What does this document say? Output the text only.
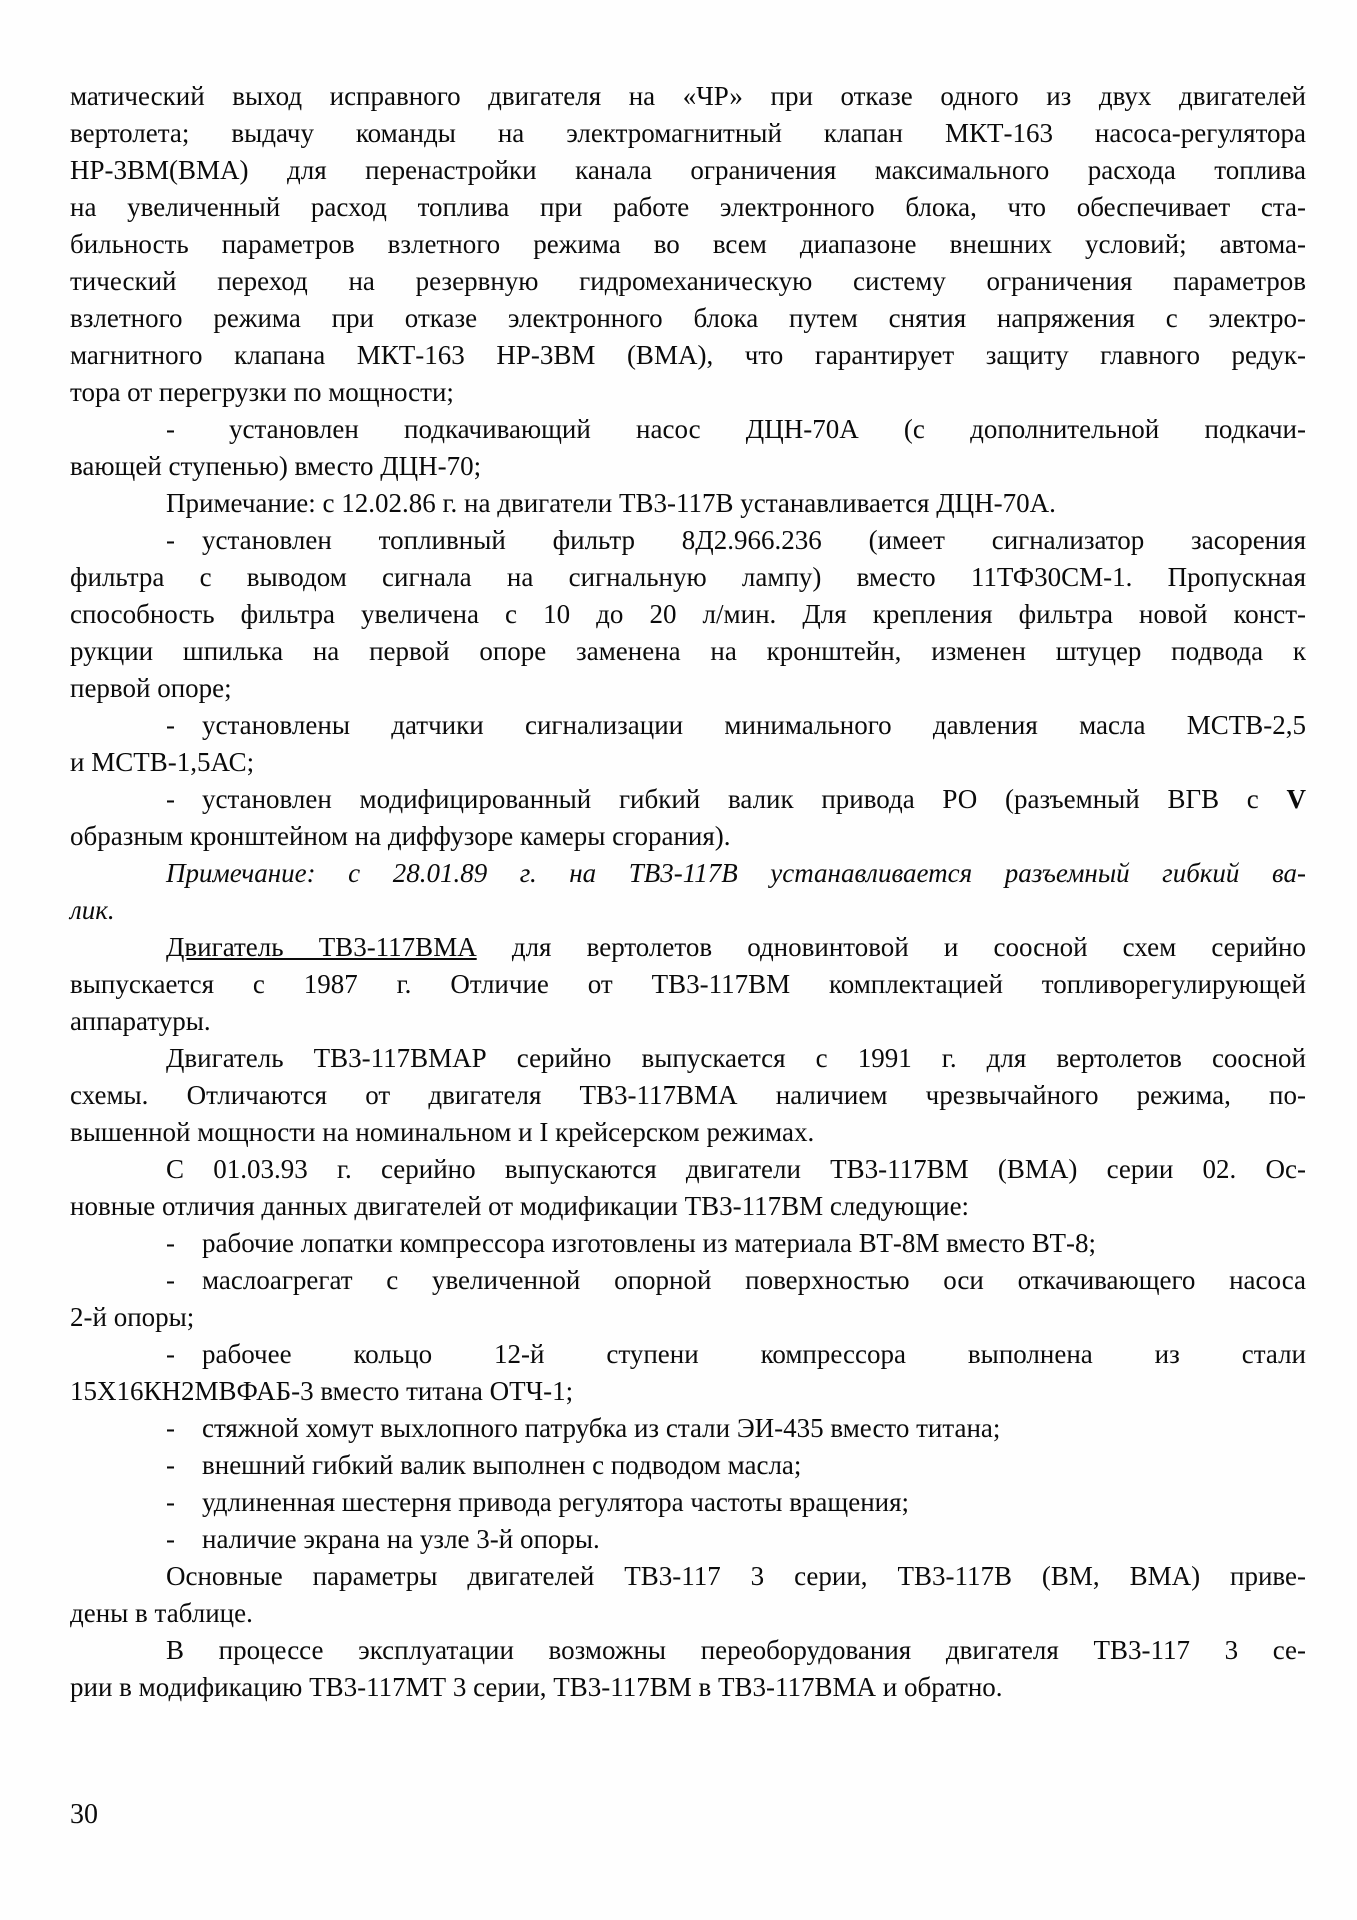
матический выход исправного двигателя на «ЧР» при отказе одного из двух двигателей
вертолета; выдачу команды на электромагнитный клапан МКТ-163 насоса-регулятора
НР-3ВМ(ВМА) для перенастройки канала ограничения максимального расхода топлива
на увеличенный расход топлива при работе электронного блока, что обеспечивает ста-
бильность параметров взлетного режима во всем диапазоне внешних условий; автома-
тический переход на резервную гидромеханическую систему ограничения параметров
взлетного режима при отказе электронного блока путем снятия напряжения с электро-
магнитного клапана МКТ-163 НР-3ВМ (ВМА), что гарантирует защиту главного редук-
тора от перегрузки по мощности;
-  установлен подкачивающий насос ДЦН-70А (с дополнительной подкачи-
вающей ступенью) вместо ДЦН-70;
Примечание: с 12.02.86 г. на двигатели ТВ3-117В устанавливается ДЦН-70А.
- установлен топливный фильтр 8Д2.966.236 (имеет сигнализатор засорения
фильтра с выводом сигнала на сигнальную лампу) вместо 11ТФ30СМ-1. Пропускная
способность фильтра увеличена с 10 до 20 л/мин. Для крепления фильтра новой конст-
рукции шпилька на первой опоре заменена на кронштейн, изменен штуцер подвода к
первой опоре;
- установлены датчики сигнализации минимального давления масла МСТВ-2,5
и МСТВ-1,5АС;
- установлен модифицированный гибкий валик привода РО (разъемный ВГВ с V
образным кронштейном на диффузоре камеры сгорания).
Примечание: с 28.01.89 г. на ТВ3-117В устанавливается разъемный гибкий ва-
лик.
Двигатель ТВ3-117ВМА для вертолетов одновинтовой и соосной схем серийно
выпускается с 1987 г. Отличие от ТВ3-117ВМ комплектацией топливорегулирующей
аппаратуры.
Двигатель ТВ3-117ВМАР серийно выпускается с 1991 г. для вертолетов соосной
схемы. Отличаются от двигателя ТВ3-117ВМА наличием чрезвычайного режима, по-
вышенной мощности на номинальном и I крейсерском режимах.
С 01.03.93 г. серийно выпускаются двигатели ТВ3-117ВМ (ВМА) серии 02. Ос-
новные отличия данных двигателей от модификации ТВ3-117ВМ следующие:
- рабочие лопатки компрессора изготовлены из материала ВТ-8М вместо ВТ-8;
- маслоагрегат с увеличенной опорной поверхностью оси откачивающего насоса
2-й опоры;
- рабочее кольцо 12-й ступени компрессора выполнена из стали
15Х16КН2МВФАБ-3 вместо титана ОТЧ-1;
- стяжной хомут выхлопного патрубка из стали ЭИ-435 вместо титана;
- внешний гибкий валик выполнен с подводом масла;
- удлиненная шестерня привода регулятора частоты вращения;
- наличие экрана на узле 3-й опоры.
Основные параметры двигателей ТВ3-117 3 серии, ТВ3-117В (ВМ, ВМА) приве-
дены в таблице.
В процессе эксплуатации возможны переоборудования двигателя ТВ3-117 3 се-
рии в модификацию ТВ3-117МТ 3 серии, ТВ3-117ВМ в ТВ3-117ВМА и обратно.
30
